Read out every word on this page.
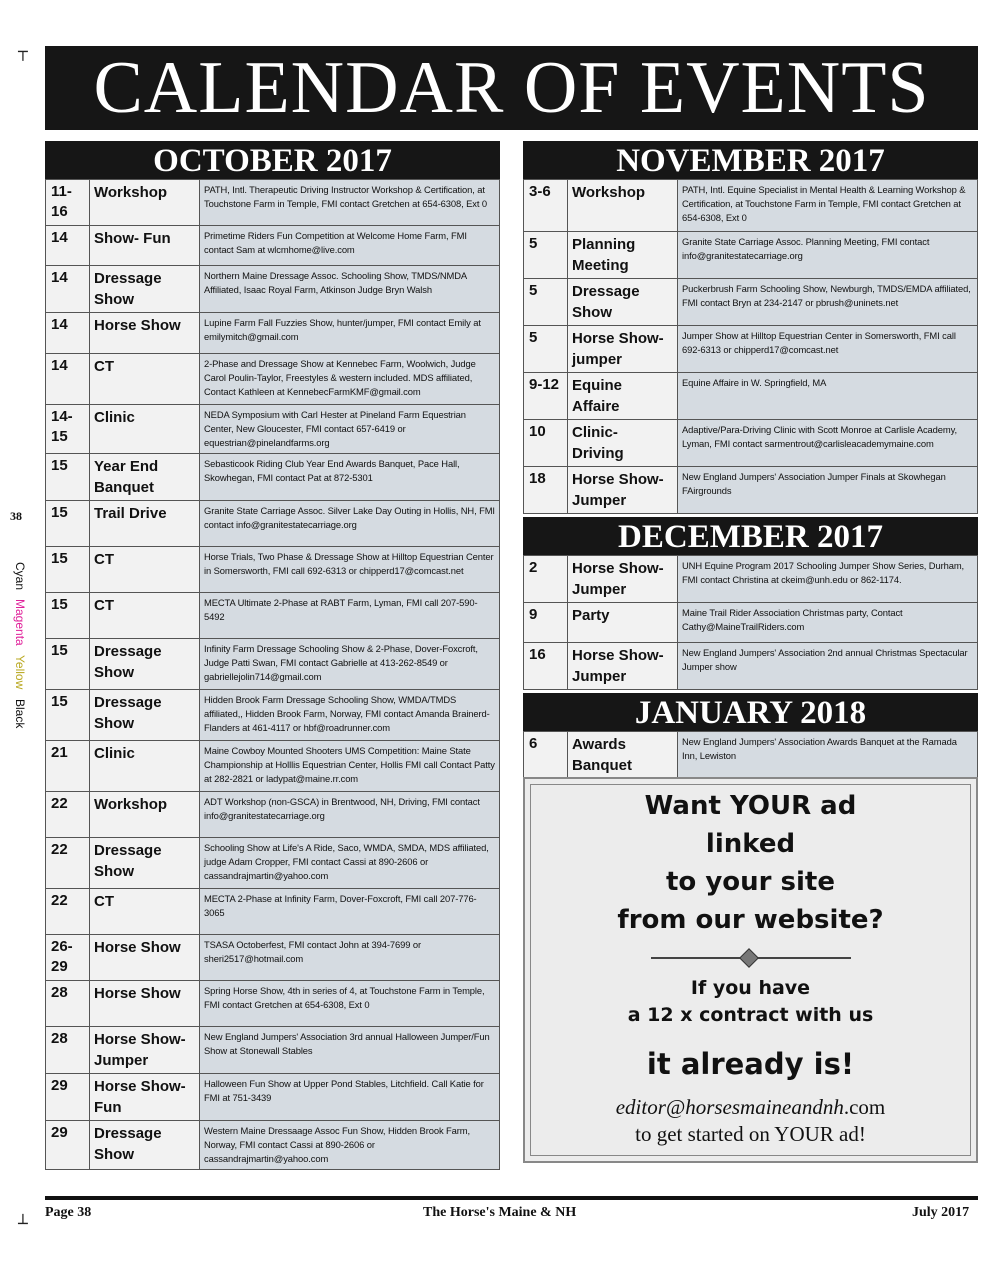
┬
┴
38
Cyan Magenta Yellow Black
CALENDAR OF EVENTS
OCTOBER 2017
11-16	Workshop	PATH, Intl. Therapeutic Driving Instructor Workshop & Certification, at Touchstone Farm in Temple, FMI contact Gretchen at 654-6308, Ext 0
14	Show- Fun	Primetime Riders Fun Competition at Welcome Home Farm, FMI contact Sam at wlcmhome@live.com
14	Dressage Show	Northern Maine Dressage Assoc. Schooling Show, TMDS/NMDA Affiliated, Isaac Royal Farm, Atkinson Judge Bryn Walsh
14	Horse Show	Lupine Farm Fall Fuzzies Show, hunter/jumper, FMI contact Emily at emilymitch@gmail.com
14	CT	2-Phase and Dressage Show at Kennebec Farm, Woolwich, Judge Carol Poulin-Taylor, Freestyles & western included. MDS affiliated, Contact Kathleen at KennebecFarmKMF@gmail.com
14-15	Clinic	NEDA Symposium with Carl Hester at Pineland Farm Equestrian Center, New Gloucester, FMI contact 657-6419 or equestrian@pinelandfarms.org
15	Year End Banquet	Sebasticook Riding Club Year End Awards Banquet, Pace Hall, Skowhegan, FMI contact Pat at 872-5301
15	Trail Drive	Granite State Carriage Assoc. Silver Lake Day Outing in Hollis, NH, FMI contact info@granitestatecarriage.org
15	CT	Horse Trials, Two Phase & Dressage Show at Hilltop Equestrian Center in Somersworth, FMI call 692-6313 or chipperd17@comcast.net
15	CT	MECTA Ultimate 2-Phase at RABT Farm, Lyman, FMI call 207-590-5492
15	Dressage Show	Infinity Farm Dressage Schooling Show & 2-Phase, Dover-Foxcroft, Judge Patti Swan, FMI contact Gabrielle at 413-262-8549 or gabriellejolin714@gmail.com
15	Dressage Show	Hidden Brook Farm Dressage Schooling Show, WMDA/TMDS affiliated,, Hidden Brook Farm, Norway, FMI contact Amanda Brainerd-Flanders at 461-4117 or hbf@roadrunner.com
21	Clinic	Maine Cowboy Mounted Shooters UMS Competition: Maine State Championship at Holllis Equestrian Center, Hollis FMI call Contact Patty at 282-2821 or ladypat@maine.rr.com
22	Workshop	ADT Workshop (non-GSCA) in Brentwood, NH, Driving, FMI contact info@granitestatecarriage.org
22	Dressage Show	Schooling Show at Life's A Ride, Saco, WMDA, SMDA, MDS affiliated, judge Adam Cropper, FMI contact Cassi at 890-2606 or cassandrajmartin@yahoo.com
22	CT	MECTA 2-Phase at Infinity Farm, Dover-Foxcroft, FMI call 207-776-3065
26-29	Horse Show	TSASA Octoberfest, FMI contact John at 394-7699 or sheri2517@hotmail.com
28	Horse Show	Spring Horse Show, 4th in series of 4, at Touchstone Farm in Temple, FMI contact Gretchen at 654-6308, Ext 0
28	Horse Show-Jumper	New England Jumpers' Association 3rd annual Halloween Jumper/Fun Show at Stonewall Stables
29	Horse Show-Fun	Halloween Fun Show at Upper Pond Stables, Litchfield. Call Katie for FMI at 751-3439
29	Dressage Show	Western Maine Dressaage Assoc Fun Show, Hidden Brook Farm, Norway, FMI contact Cassi at 890-2606 or cassandrajmartin@yahoo.com
NOVEMBER 2017
3-6	Workshop	PATH, Intl. Equine Specialist in Mental Health & Learning Workshop & Certification, at Touchstone Farm in Temple, FMI contact Gretchen at 654-6308, Ext 0
5	Planning Meeting	Granite State Carriage Assoc. Planning Meeting, FMI contact info@granitestatecarriage.org
5	Dressage Show	Puckerbrush Farm Schooling Show, Newburgh, TMDS/EMDA affiliated, FMI contact Bryn at 234-2147 or pbrush@uninets.net
5	Horse Show-jumper	Jumper Show at Hilltop Equestrian Center in Somersworth, FMI call 692-6313 or chipperd17@comcast.net
9-12	Equine Affaire	Equine Affaire in W. Springfield, MA
10	Clinic- Driving	Adaptive/Para-Driving Clinic with Scott Monroe at Carlisle Academy, Lyman, FMI contact sarmentrout@carlisleacademymaine.com
18	Horse Show-Jumper	New England Jumpers' Association Jumper Finals at Skowhegan FAirgrounds
DECEMBER 2017
2	Horse Show-Jumper	UNH Equine Program 2017 Schooling Jumper Show Series, Durham, FMI contact Christina at ckeim@unh.edu or 862-1174.
9	Party	Maine Trail Rider Association Christmas party, Contact Cathy@MaineTrailRiders.com
16	Horse Show-Jumper	New England Jumpers' Association 2nd annual Christmas Spectacular Jumper show
JANUARY 2018
6	Awards Banquet	New England Jumpers' Association Awards Banquet at the Ramada Inn, Lewiston
Want YOUR ad
linked
to your site
from our website?
If you have
a 12 x contract with us
it already is!
editor@horsesmaineandnh.com
to get started on YOUR ad!
Page 38	The Horse's Maine & NH	July 2017
